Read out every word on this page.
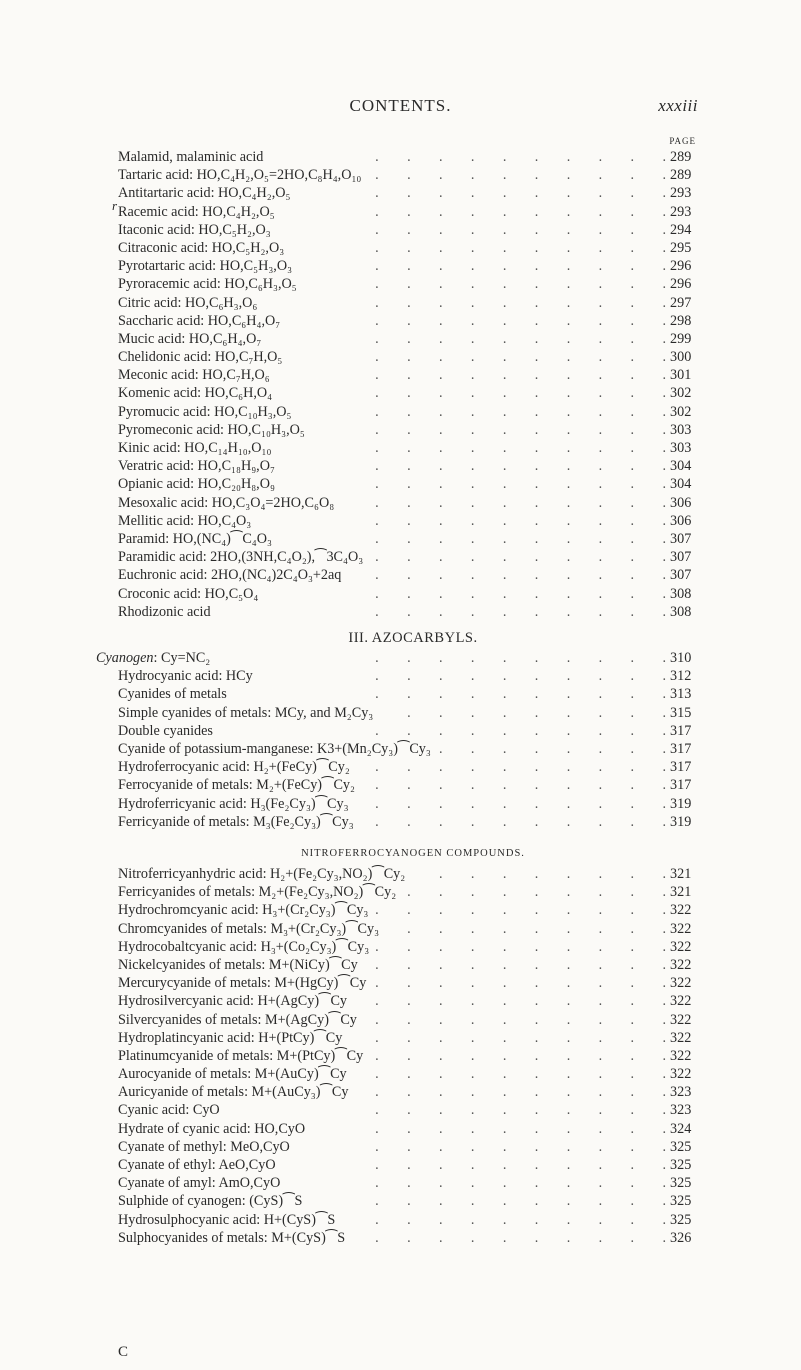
CONTENTS.	xxxiii
PAGE
r
Malamid, malaminic acid .	289
Tartaric acid: HO,C₄H₂,O₅=2HO,C₈H₄,O₁₀ .	289
Antitartaric acid: HO,C₄H₂,O₅ .	293
Racemic acid: HO,C₄H₂,O₅ .	293
Itaconic acid: HO,C₅H₂,O₃ .	294
Citraconic acid: HO,C₅H₂,O₃ .	295
Pyrotartaric acid: HO,C₅H₃,O₃ .	296
Pyroracemic acid: HO,C₆H₃,O₅ .	296
Citric acid: HO,C₆H₃,O₆ .	297
Saccharic acid: HO,C₆H₄,O₇ .	298
Mucic acid: HO,C₆H₄,O₇ .	299
Chelidonic acid: HO,C₇H,O₅ .	300
Meconic acid: HO,C₇H,O₆ .	301
Komenic acid: HO,C₆H,O₄ .	302
Pyromucic acid: HO,C₁₀H₃,O₅ .	302
Pyromeconic acid: HO,C₁₀H₃,O₅ .	303
Kinic acid: HO,C₁₄H₁₀,O₁₀ .	303
Veratric acid: HO,C₁₈H₉,O₇ .	304
Opianic acid: HO,C₂₀H₈,O₉ .	304
Mesoxalic acid: HO,C₃O₄=2HO,C₆O₈ .	306
Mellitic acid: HO,C₄O₃ .	306
Paramid: HO,(NC₄)⁀C₄O₃ .	307
Paramidic acid: 2HO,(3NH,C₄O₂),⁀3C₄O₃ .	307
Euchronic acid: 2HO,(NC₄)2C₄O₃+2aq .	307
Croconic acid: HO,C₅O₄ .	308
Rhodizonic acid .	308
III. AZOCARBYLS.
Cyanogen: Cy=NC₂ .	310
Hydrocyanic acid: HCy .	312
Cyanides of metals .	313
Simple cyanides of metals: MCy, and M₂Cy₃ .	315
Double cyanides .	317
Cyanide of potassium-manganese: K3+(Mn₂Cy₃)⁀Cy₃ .	317
Hydroferrocyanic acid: H₂+(FeCy)⁀Cy₂ .	317
Ferrocyanide of metals: M₂+(FeCy)⁀Cy₂ .	317
Hydroferricyanic acid: H₃(Fe₂Cy₃)⁀Cy₃ .	319
Ferricyanide of metals: M₃(Fe₂Cy₃)⁀Cy₃ .	319
NITROFERROCYANOGEN COMPOUNDS.
Nitroferricyanhydric acid: H₂+(Fe₂Cy₃,NO₂)⁀Cy₂ .	321
Ferricyanides of metals: M₂+(Fe₂Cy₃,NO₂)⁀Cy₂ .	321
Hydrochromcyanic acid: H₃+(Cr₂Cy₃)⁀Cy₃ .	322
Chromcyanides of metals: M₃+(Cr₂Cy₃)⁀Cy₃ .	322
Hydrocobaltcyanic acid: H₃+(Co₂Cy₃)⁀Cy₃ .	322
Nickelcyanides of metals: M+(NiCy)⁀Cy .	322
Mercurycyanide of metals: M+(HgCy)⁀Cy .	322
Hydrosilvercyanic acid: H+(AgCy)⁀Cy .	322
Silvercyanides of metals: M+(AgCy)⁀Cy .	322
Hydroplatincyanic acid: H+(PtCy)⁀Cy .	322
Platinumcyanide of metals: M+(PtCy)⁀Cy .	322
Aurocyanide of metals: M+(AuCy)⁀Cy .	322
Auricyanide of metals: M+(AuCy₃)⁀Cy .	323
Cyanic acid: CyO .	323
Hydrate of cyanic acid: HO,CyO .	324
Cyanate of methyl: MeO,CyO .	325
Cyanate of ethyl: AeO,CyO .	325
Cyanate of amyl: AmO,CyO .	325
Sulphide of cyanogen: (CyS)⁀S .	325
Hydrosulphocyanic acid: H+(CyS)⁀S .	325
Sulphocyanides of metals: M+(CyS)⁀S .	326
C
